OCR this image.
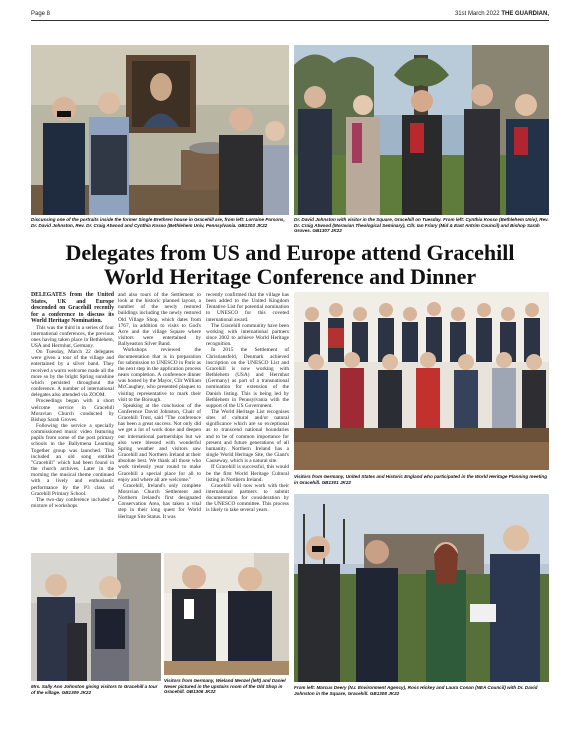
Page 8	31st March 2022 THE GUARDIAN,
Discussing one of the portraits inside the former Single Brethren house in Gracehill are, from left: Lorraine Parsons, Dr. David Johnston, Rev. Dr. Craig Atwood and Cynthia Kosso (Bethlehem Univ, Pennsylvania. GB1303 JK22
Dr. David Johnston with visitor in the Square, Gracehill on Tuesday. From left: Cynthia Kosso (Bethlehem Univ), Rev. Dr. Craig Atwood (Moravian Theological Seminary), Cllr. Ian Friary (Mid & East Antrim Council) and Bishop Sarah Groves. GB1307 JK22
Delegates from US and Europe attend Gracehill
World Heritage Conference and Dinner

DELEGATES from the United States, UK and Europe descended on Gracehill recently for a conference to discuss its World Heritage Nomination.

This was the third in a series of four international conferences, the previous ones having taken place in Bethlehem, USA and Herrnhut, Germany.

On Tuesday, March 22 delegates were given a tour of the village and entertained by a silver band. They received a warm welcome made all the more so by the bright Spring sunshine which persisted throughout the conference. A number of international delegates also attended via ZOOM.

Proceedings began with a short welcome service in Gracehill Moravian Church conducted by Bishop Sarah Groves.

Following the service a specially commissioned music video featuring pupils from some of the post primary schools in the Ballymena Learning Together group was launched. This included an old song entitled "Gracehill" which had been found in the church archives. Later in the morning the musical theme continued with a lively and enthusiastic performance by the P3 class of Gracehill Primary School.

The two-day conference included a mixture of workshops

and also tours of the Settlement to look at the historic planned layout, a number of the newly restored buildings including the newly restored Old Village Shop, which dates from 1767, in addition to visits to God's Acre and the village Square where visitors were entertained by Ballyeaston Silver Band.

Workshops reviewed the documentation that is in preparation for submission to UNESCO in Paris as the next step in the application process nears completion. A conference dinner was hosted by the Mayor, Cllr William McCaughey, who presented plaques to visiting representative to mark their visit to the Borough.

Speaking at the conclusion of the Conference David Johnston, Chair of Gracehill Trust, said "The conference has been a great success. Not only did we get a lot of work done and deepen our international partnerships but we also were blessed with wonderful Spring weather and visitors saw Gracehill and Northern Ireland at their absolute best. We thank all those who work tirelessly year round to make Gracehill a special place for all to enjoy and where all are welcome."

Gracehill, Ireland's only complete Moravian Church Settlement and Northern Ireland's first designated Conservation Area, has taken a vital step in their long quest for World Heritage Site Status. It was

recently confirmed that the village has been added to the United Kingdom Tentative List for potential nomination to UNESCO for this coveted international award.

The Gracehill community have been working with international partners since 2002 to achieve World Heritage recognition.

In 2015 the Settlement of Christiansfeld, Denmark achieved inscription on the UNESCO List and Gracehill is now working with Bethlehem (USA) and Herrnhut (Germany) as part of a transnational nomination for extension of the Danish listing. This is being led by Bethlehem in Pennsylvania with the support of the US Government.

The World Heritage List recognises sites of cultural and/or natural significance which are so exceptional as to transcend national boundaries and to be of common importance for present and future generations of all humanity. Northern Ireland has a single World Heritage Site, the Giant's Causeway, which is a natural site.

If Gracehill is successful, this would be the first World Heritage Cultural listing in Northern Ireland.

Gracehill will now work with their international partners to submit documentation for consideration by the UNESCO committee. This process is likely to take several years.

Visitors from Germany, United States and Historic England who participated in the World Heritage Planning meeting in Gracehill. GB1301 JK22
Mrs. Sally Ann Johnston giving visitors to Gracehill a tour of the village. GB1309 JK22
Visitors from Germany, Wieland Menzel (left) and Daniel Neser pictured in the upstairs room of the Old Shop in Gracehill. GB1306 JK22
From left: Marcus Deery (N.I. Environment Agency), Ross Hickey and Laura Conan (NEA Council) with Dr. David Johnston in the Square, Gracehill. GB1308 JK22
